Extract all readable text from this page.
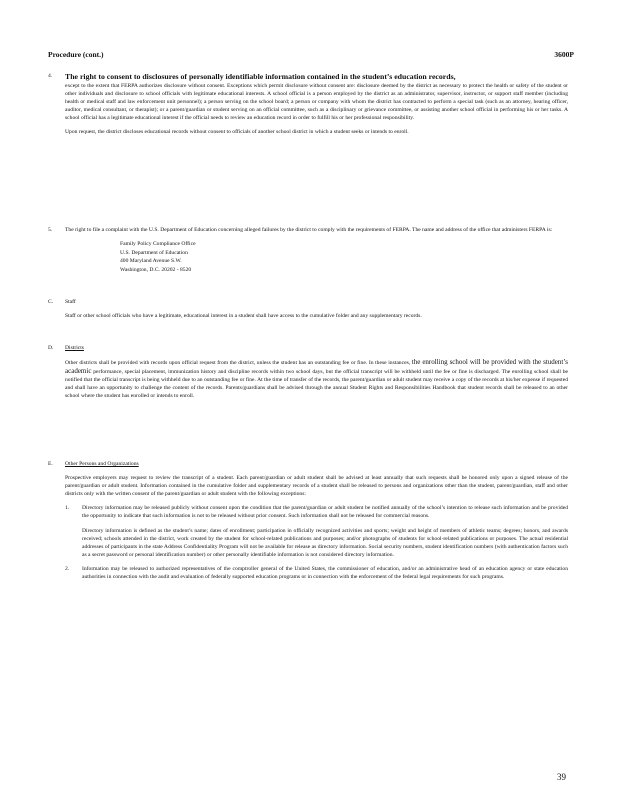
Procedure (cont.)	3600P
4. The right to consent to disclosures of personally identifiable information contained in the student’s education records,

except to the extent that FERPA authorizes disclosure without consent. Exceptions which permit disclosure without consent are: disclosure deemed by the district as necessary to protect the health or safety of the student or other individuals and disclosure to school officials with legitimate educational interests. A school official is a person employed by the district as an administrator, supervisor, instructor, or support staff member (including health or medical staff and law enforcement unit personnel); a person serving on the school board; a person or company with whom the district has contracted to perform a special task (such as an attorney, hearing officer, auditor, medical consultant, or therapist); or a parent/guardian or student serving on an official committee, such as a disciplinary or grievance committee, or assisting another school official in performing his or her tasks. A school official has a legitimate educational interest if the official needs to review an education record in order to fulfill his or her professional responsibility.

Upon request, the district discloses educational records without consent to officials of another school district in which a student seeks or intends to enroll.

5. The right to file a complaint with the U.S. Department of Education concerning alleged failures by the district to comply with the requirements of FERPA. The name and address of the office that administers FERPA is:

Family Policy Compliance Office

U.S. Department of Education

400 Maryland Avenue S.W.

Washington, D.C. 20202 - 8520

C. Staff

Staff or other school officials who have a legitimate, educational interest in a student shall have access to the cumulative folder and any supplementary records.

D. Districts

Other districts shall be provided with records upon official request from the district, unless the student has an outstanding fee or fine. In these instances, the enrolling school will be provided with the student’s academic performance, special placement, immunization history and discipline records within two school days, but the official transcript will be withheld until the fee or fine is discharged. The enrolling school shall be notified that the official transcript is being withheld due to an outstanding fee or fine. At the time of transfer of the records, the parent/guardian or adult student may receive a copy of the records at his/her expense if requested and shall have an opportunity to challenge the content of the records. Parents/guardians shall be advised through the annual Student Rights and Responsibilities Handbook that student records shall be released to an other school where the student has enrolled or intends to enroll.

E. Other Persons and Organizations

Prospective employers may request to review the transcript of a student. Each parent/guardian or adult student shall be advised at least annually that such requests shall be honored only upon a signed release of the parent/guardian or adult student. Information contained in the cumulative folder and supplementary records of a student shall be released to persons and organizations other than the student, parent/guardian, staff and other districts only with the written consent of the parent/guardian or adult student with the following exceptions:

1. Directory information may be released publicly without consent upon the condition that the parent/guardian or adult student be notified annually of the school’s intention to release such information and be provided the opportunity to indicate that such information is not to be released without prior consent. Such information shall not be released for commercial reasons.

Directory information is defined as the student’s name; dates of enrollment; participation in officially recognized activities and sports; weight and height of members of athletic teams; degrees; honors, and awards received; schools attended in the district, work created by the student for school-related publications and purposes; and/or photographs of students for school-related publications or purposes. The actual residential addresses of participants in the state Address Confidentiality Program will not be available for release as directory information. Social security numbers, student identification numbers (with authentication factors such as a secret password or personal identification number) or other personally identifiable information is not considered directory information.

2. Information may be released to authorized representatives of the comptroller general of the United States, the commissioner of education, and/or an administrative head of an education agency or state education authorities in connection with the audit and evaluation of federally supported education programs or in connection with the enforcement of the federal legal requirements for such programs.

39
